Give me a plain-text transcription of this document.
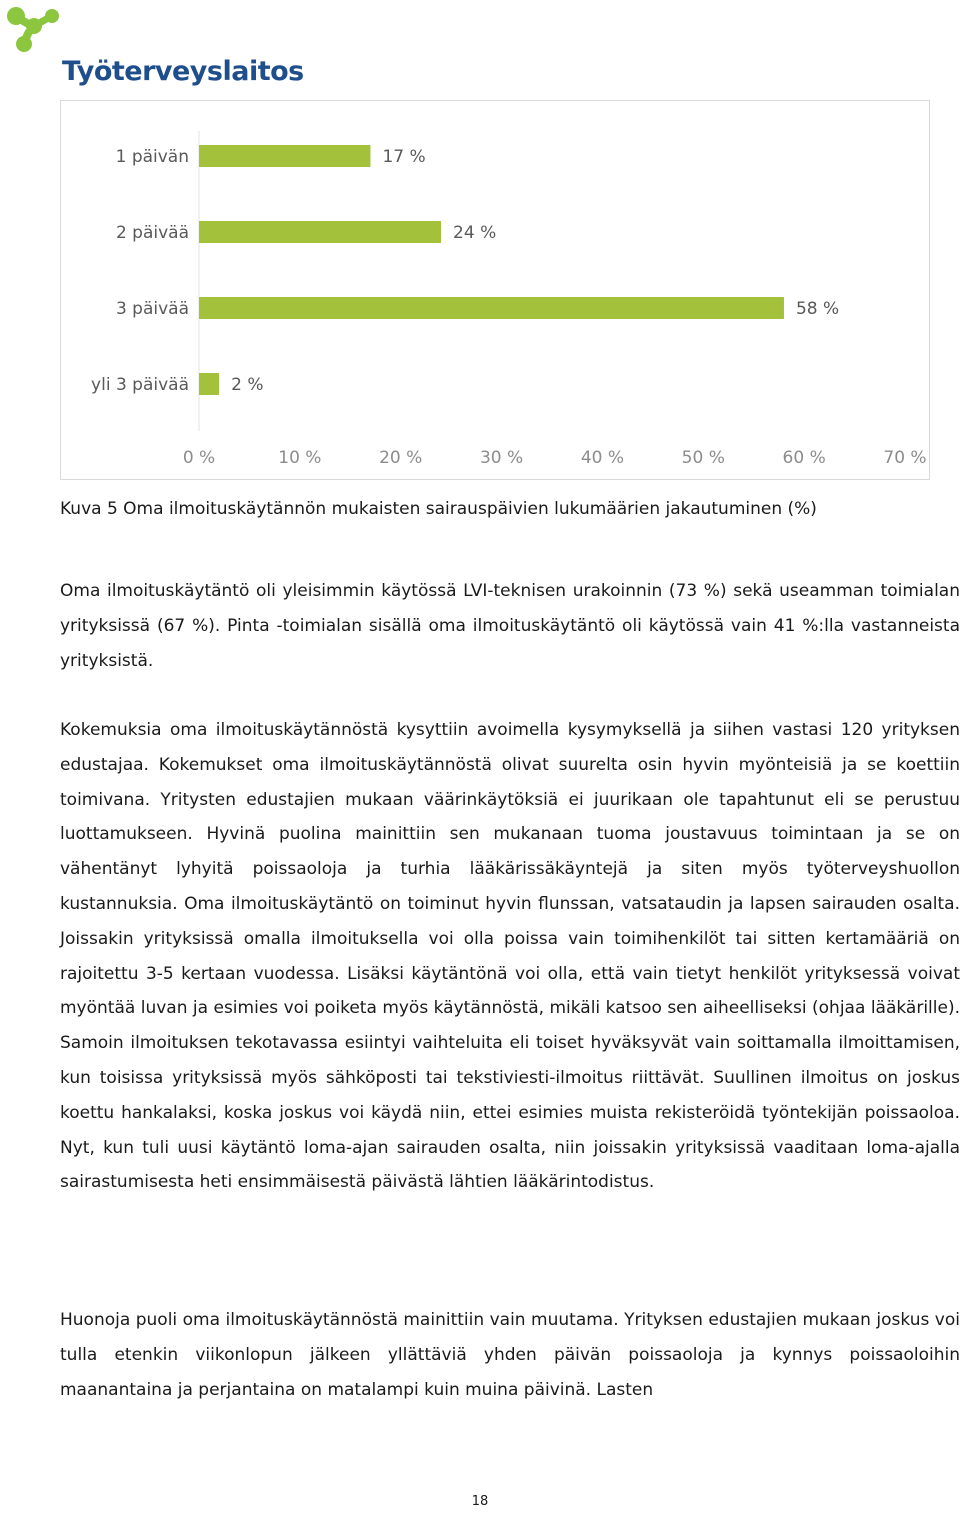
Työterveyslaitos
1 päivän	17 %
2 päivää	24 %
3 päivää	58 %
yli 3 päivää 2 %
0 %	10 %	20 %	30 %	40 %	50 %	60 %	70 %
Kuva 5 Oma ilmoituskäytännön mukaisten sairauspäivien lukumäärien jakautuminen (%)

Oma ilmoituskäytäntö oli yleisimmin käytössä LVI-teknisen urakoinnin (73 %) sekä useamman toimialan yrityksissä (67 %). Pinta -toimialan sisällä oma ilmoituskäytäntö oli käytössä vain 41 %:lla vastanneista yrityksistä.

Kokemuksia oma ilmoituskäytännöstä kysyttiin avoimella kysymyksellä ja siihen vastasi 120 yrityksen edustajaa. Kokemukset oma ilmoituskäytännöstä olivat suurelta osin hyvin myönteisiä ja se koettiin toimivana. Yritysten edustajien mukaan väärinkäytöksiä ei juurikaan ole tapahtunut eli se perustuu luottamukseen. Hyvinä puolina mainittiin sen mukanaan tuoma joustavuus toimintaan ja se on vähentänyt lyhyitä poissaoloja ja turhia lääkärissäkäyntejä ja siten myös työterveyshuollon kustannuksia. Oma ilmoituskäytäntö on toiminut hyvin flunssan, vatsataudin ja lapsen sairauden osalta. Joissakin yrityksissä omalla ilmoituksella voi olla poissa vain toimihenkilöt tai sitten kertamääriä on rajoitettu 3-5 kertaan vuodessa. Lisäksi käytäntönä voi olla, että vain tietyt henkilöt yrityksessä voivat myöntää luvan ja esimies voi poiketa myös käytännöstä, mikäli katsoo sen aiheelliseksi (ohjaa lääkärille). Samoin ilmoituksen tekotavassa esiintyi vaihteluita eli toiset hyväksyvät vain soittamalla ilmoittamisen, kun toisissa yrityksissä myös sähköposti tai tekstiviesti-ilmoitus riittävät. Suullinen ilmoitus on joskus koettu hankalaksi, koska joskus voi käydä niin, ettei esimies muista rekisteröidä työntekijän poissaoloa. Nyt, kun tuli uusi käytäntö loma-ajan sairauden osalta, niin joissakin yrityksissä vaaditaan loma-ajalla sairastumisesta heti ensimmäisestä päivästä lähtien lääkärintodistus.

Huonoja puoli oma ilmoituskäytännöstä mainittiin vain muutama. Yrityksen edustajien mukaan joskus voi tulla etenkin viikonlopun jälkeen yllättäviä yhden päivän poissaoloja ja kynnys poissaoloihin maanantaina ja perjantaina on matalampi kuin muina päivinä. Lasten

18
